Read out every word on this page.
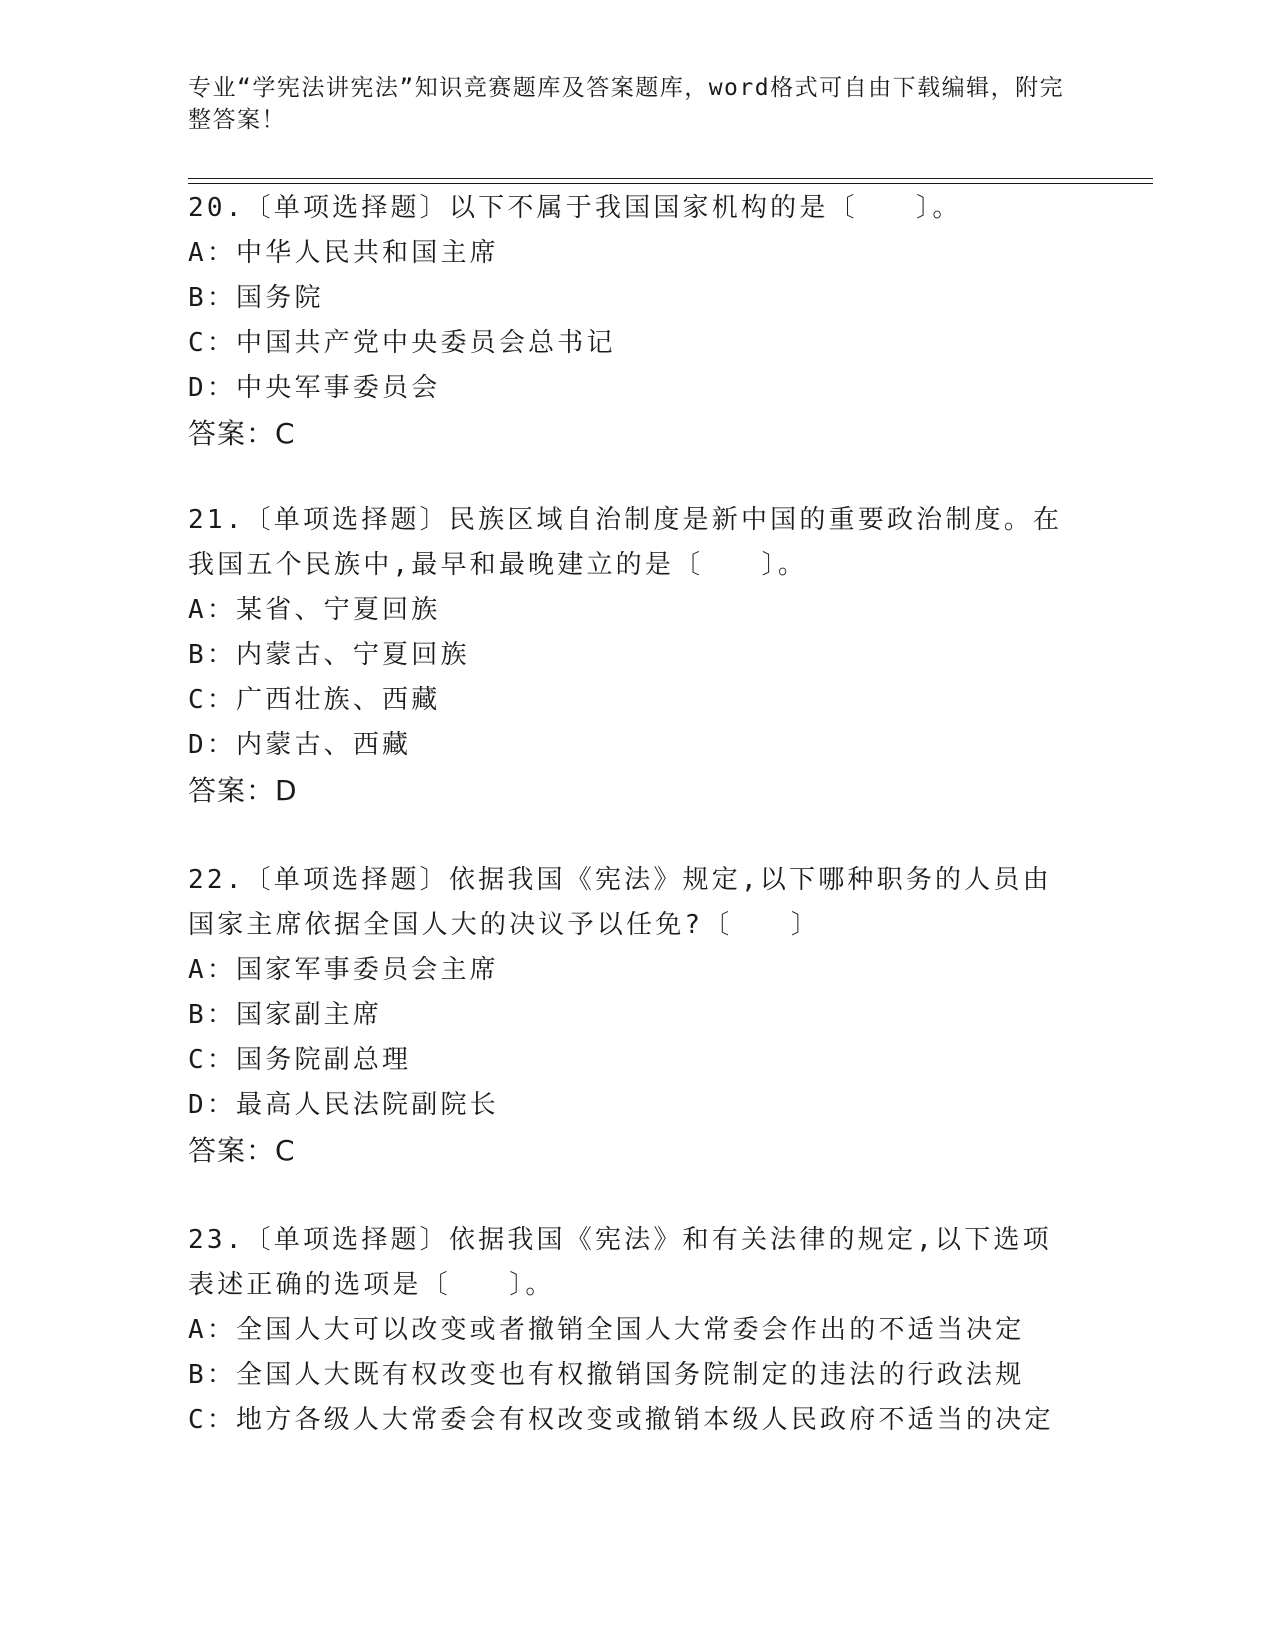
专业“学宪法讲宪法”知识竞赛题库及答案题库，word格式可自由下载编辑，附完整答案！

20.〔单项选择题〕以下不属于我国国家机构的是〔　　〕。

A：中华人民共和国主席

B：国务院

C：中国共产党中央委员会总书记

D：中央军事委员会

答案：C

21.〔单项选择题〕民族区域自治制度是新中国的重要政治制度。在我国五个民族中,最早和最晚建立的是〔　　〕。

A：某省、宁夏回族

B：内蒙古、宁夏回族

C：广西壮族、西藏

D：内蒙古、西藏

答案：D

22.〔单项选择题〕依据我国《宪法》规定,以下哪种职务的人员由国家主席依据全国人大的决议予以任免?〔　　〕

A：国家军事委员会主席

B：国家副主席

C：国务院副总理

D：最高人民法院副院长

答案：C

23.〔单项选择题〕依据我国《宪法》和有关法律的规定,以下选项表述正确的选项是〔　　〕。

A：全国人大可以改变或者撤销全国人大常委会作出的不适当决定

B：全国人大既有权改变也有权撤销国务院制定的违法的行政法规

C：地方各级人大常委会有权改变或撤销本级人民政府不适当的决定
